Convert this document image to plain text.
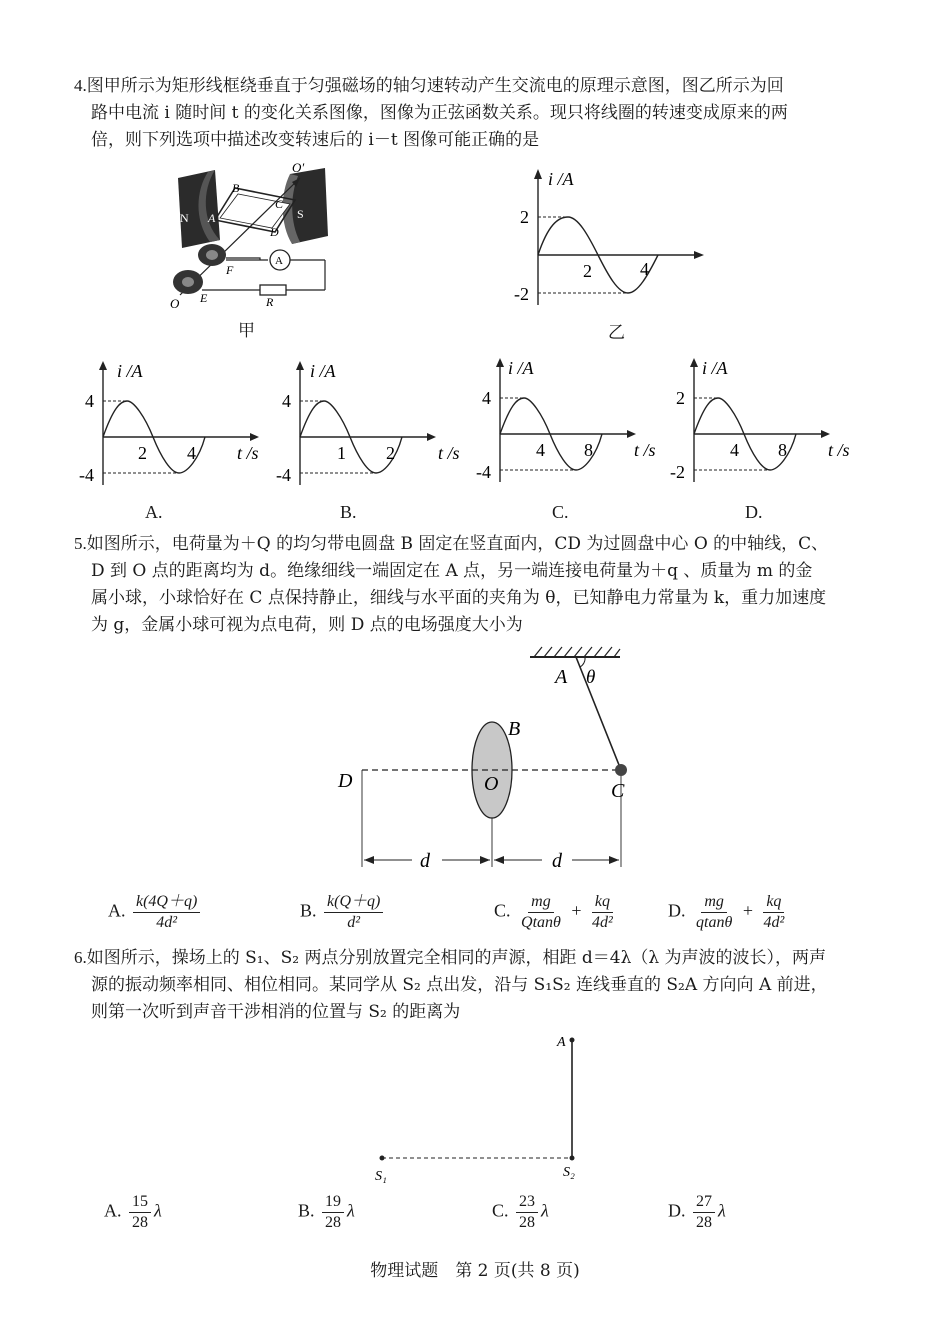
4.图甲所示为矩形线框绕垂直于匀强磁场的轴匀速转动产生交流电的原理示意图，图乙所示为回
路中电流 i 随时间 t 的变化关系图像，图像为正弦函数关系。现只将线圈的转速变成原来的两
倍，则下列选项中描述改变转速后的 i－t 图像可能正确的是
N	S
A
B
C
D
O′
O E
F
R
A
甲
i /A
2
-2
2	4
乙
i /A
4
-4
2 4 t /s
A.
i /A
4
-4
1 2 t /s
B.
i /A
4
-4
4 8 t /s
C.
i /A
2
-2
4 8 t /s
D.
5.如图所示，电荷量为＋Q 的均匀带电圆盘 B 固定在竖直面内，CD 为过圆盘中心 O 的中轴线，C、
D 到 O 点的距离均为 d。绝缘细线一端固定在 A 点，另一端连接电荷量为＋q 、质量为 m 的金
属小球，小球恰好在 C 点保持静止，细线与水平面的夹角为 θ，已知静电力常量为 k，重力加速度
为 g，金属小球可视为点电荷，则 D 点的电场强度大小为
A θ
B
O	C
D
d	d
A. $\frac{k(4Q+q)}{\text{4d²}}$	B. $\frac{k(Q+q)}{\text{d²}}$	C. $\frac{mg}{Qtan\theta} + \frac{kq}{\text{4d²}}$	D. $\frac{mg}{qtan\theta} + \frac{kq}{\text{4d²}}$
6.如图所示，操场上的 S₁、S₂ 两点分别放置完全相同的声源，相距 d＝4λ（λ 为声波的波长），两声
源的振动频率相同、相位相同。某同学从 S₂ 点出发，沿与 S₁S₂ 连线垂直的 S₂A 方向向 A 前进，
则第一次听到声音干涉相消的位置与 S₂ 的距离为
A
S₁	S₂
A. $\frac{15}{28}$ λ	B. $\frac{19}{28}$ λ	C. $\frac{23}{28}$ λ	D. $\frac{27}{28}$ λ
物理试题　第 2 页(共 8 页)
